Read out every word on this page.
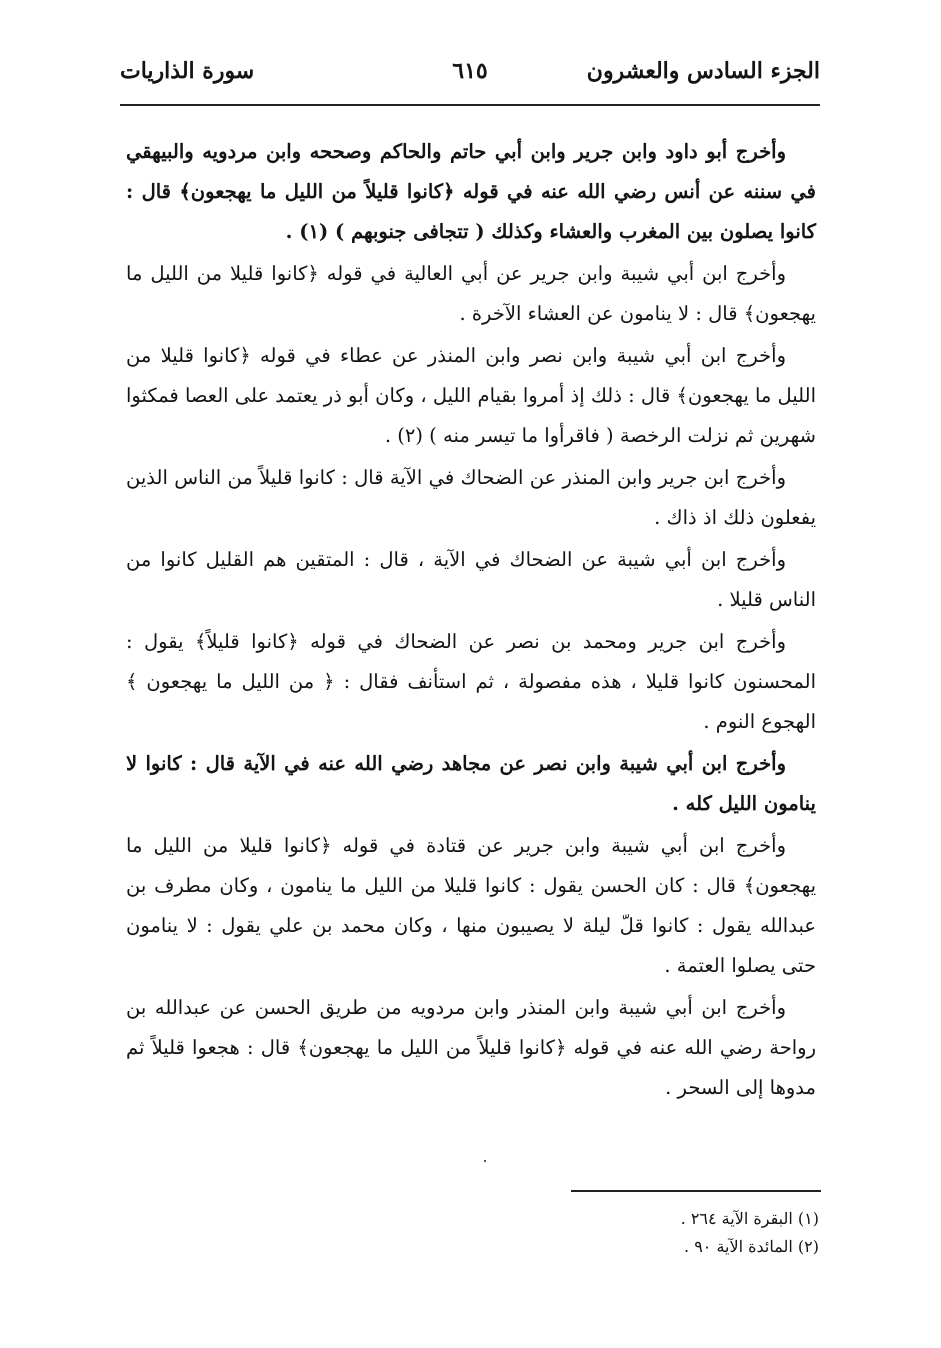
الجزء السادس والعشرون
٦١٥
سورة الذاريات

وأخرج أبو داود وابن جرير وابن أبي حاتم والحاكم وصححه وابن مردويه والبيهقي في سننه عن أنس رضي الله عنه في قوله ﴿كانوا قليلاً من الليل ما يهجعون﴾ قال : كانوا يصلون بين المغرب والعشاء وكذلك ( تتجافى جنوبهم ) (١) .

وأخرج ابن أبي شيبة وابن جرير عن أبي العالية في قوله ﴿كانوا قليلا من الليل ما يهجعون﴾ قال : لا ينامون عن العشاء الآخرة .

وأخرج ابن أبي شيبة وابن نصر وابن المنذر عن عطاء في قوله ﴿كانوا قليلا من الليل ما يهجعون﴾ قال : ذلك إذ أمروا بقيام الليل ، وكان أبو ذر يعتمد على العصا فمكثوا شهرين ثم نزلت الرخصة ( فاقرأوا ما تيسر منه ) (٢) .

وأخرج ابن جرير وابن المنذر عن الضحاك في الآية قال : كانوا قليلاً من الناس الذين يفعلون ذلك اذ ذاك .

وأخرج ابن أبي شيبة عن الضحاك في الآية ، قال : المتقين هم القليل كانوا من الناس قليلا .

وأخرج ابن جرير ومحمد بن نصر عن الضحاك في قوله ﴿كانوا قليلاً﴾ يقول : المحسنون كانوا قليلا ، هذه مفصولة ، ثم استأنف فقال : ﴿ من الليل ما يهجعون ﴾ الهجوع النوم .

وأخرج ابن أبي شيبة وابن نصر عن مجاهد رضي الله عنه في الآية قال : كانوا لا ينامون الليل كله .

وأخرج ابن أبي شيبة وابن جرير عن قتادة في قوله ﴿كانوا قليلا من الليل ما يهجعون﴾ قال : كان الحسن يقول : كانوا قليلا من الليل ما ينامون ، وكان مطرف بن عبدالله يقول : كانوا قلّ ليلة لا يصيبون منها ، وكان محمد بن علي يقول : لا ينامون حتى يصلوا العتمة .

وأخرج ابن أبي شيبة وابن المنذر وابن مردويه من طريق الحسن عن عبدالله بن رواحة رضي الله عنه في قوله ﴿كانوا قليلاً من الليل ما يهجعون﴾ قال : هجعوا قليلاً ثم مدوها إلى السحر .

(١) البقرة الآية ٢٦٤ .
(٢) المائدة الآية ٩٠ .
